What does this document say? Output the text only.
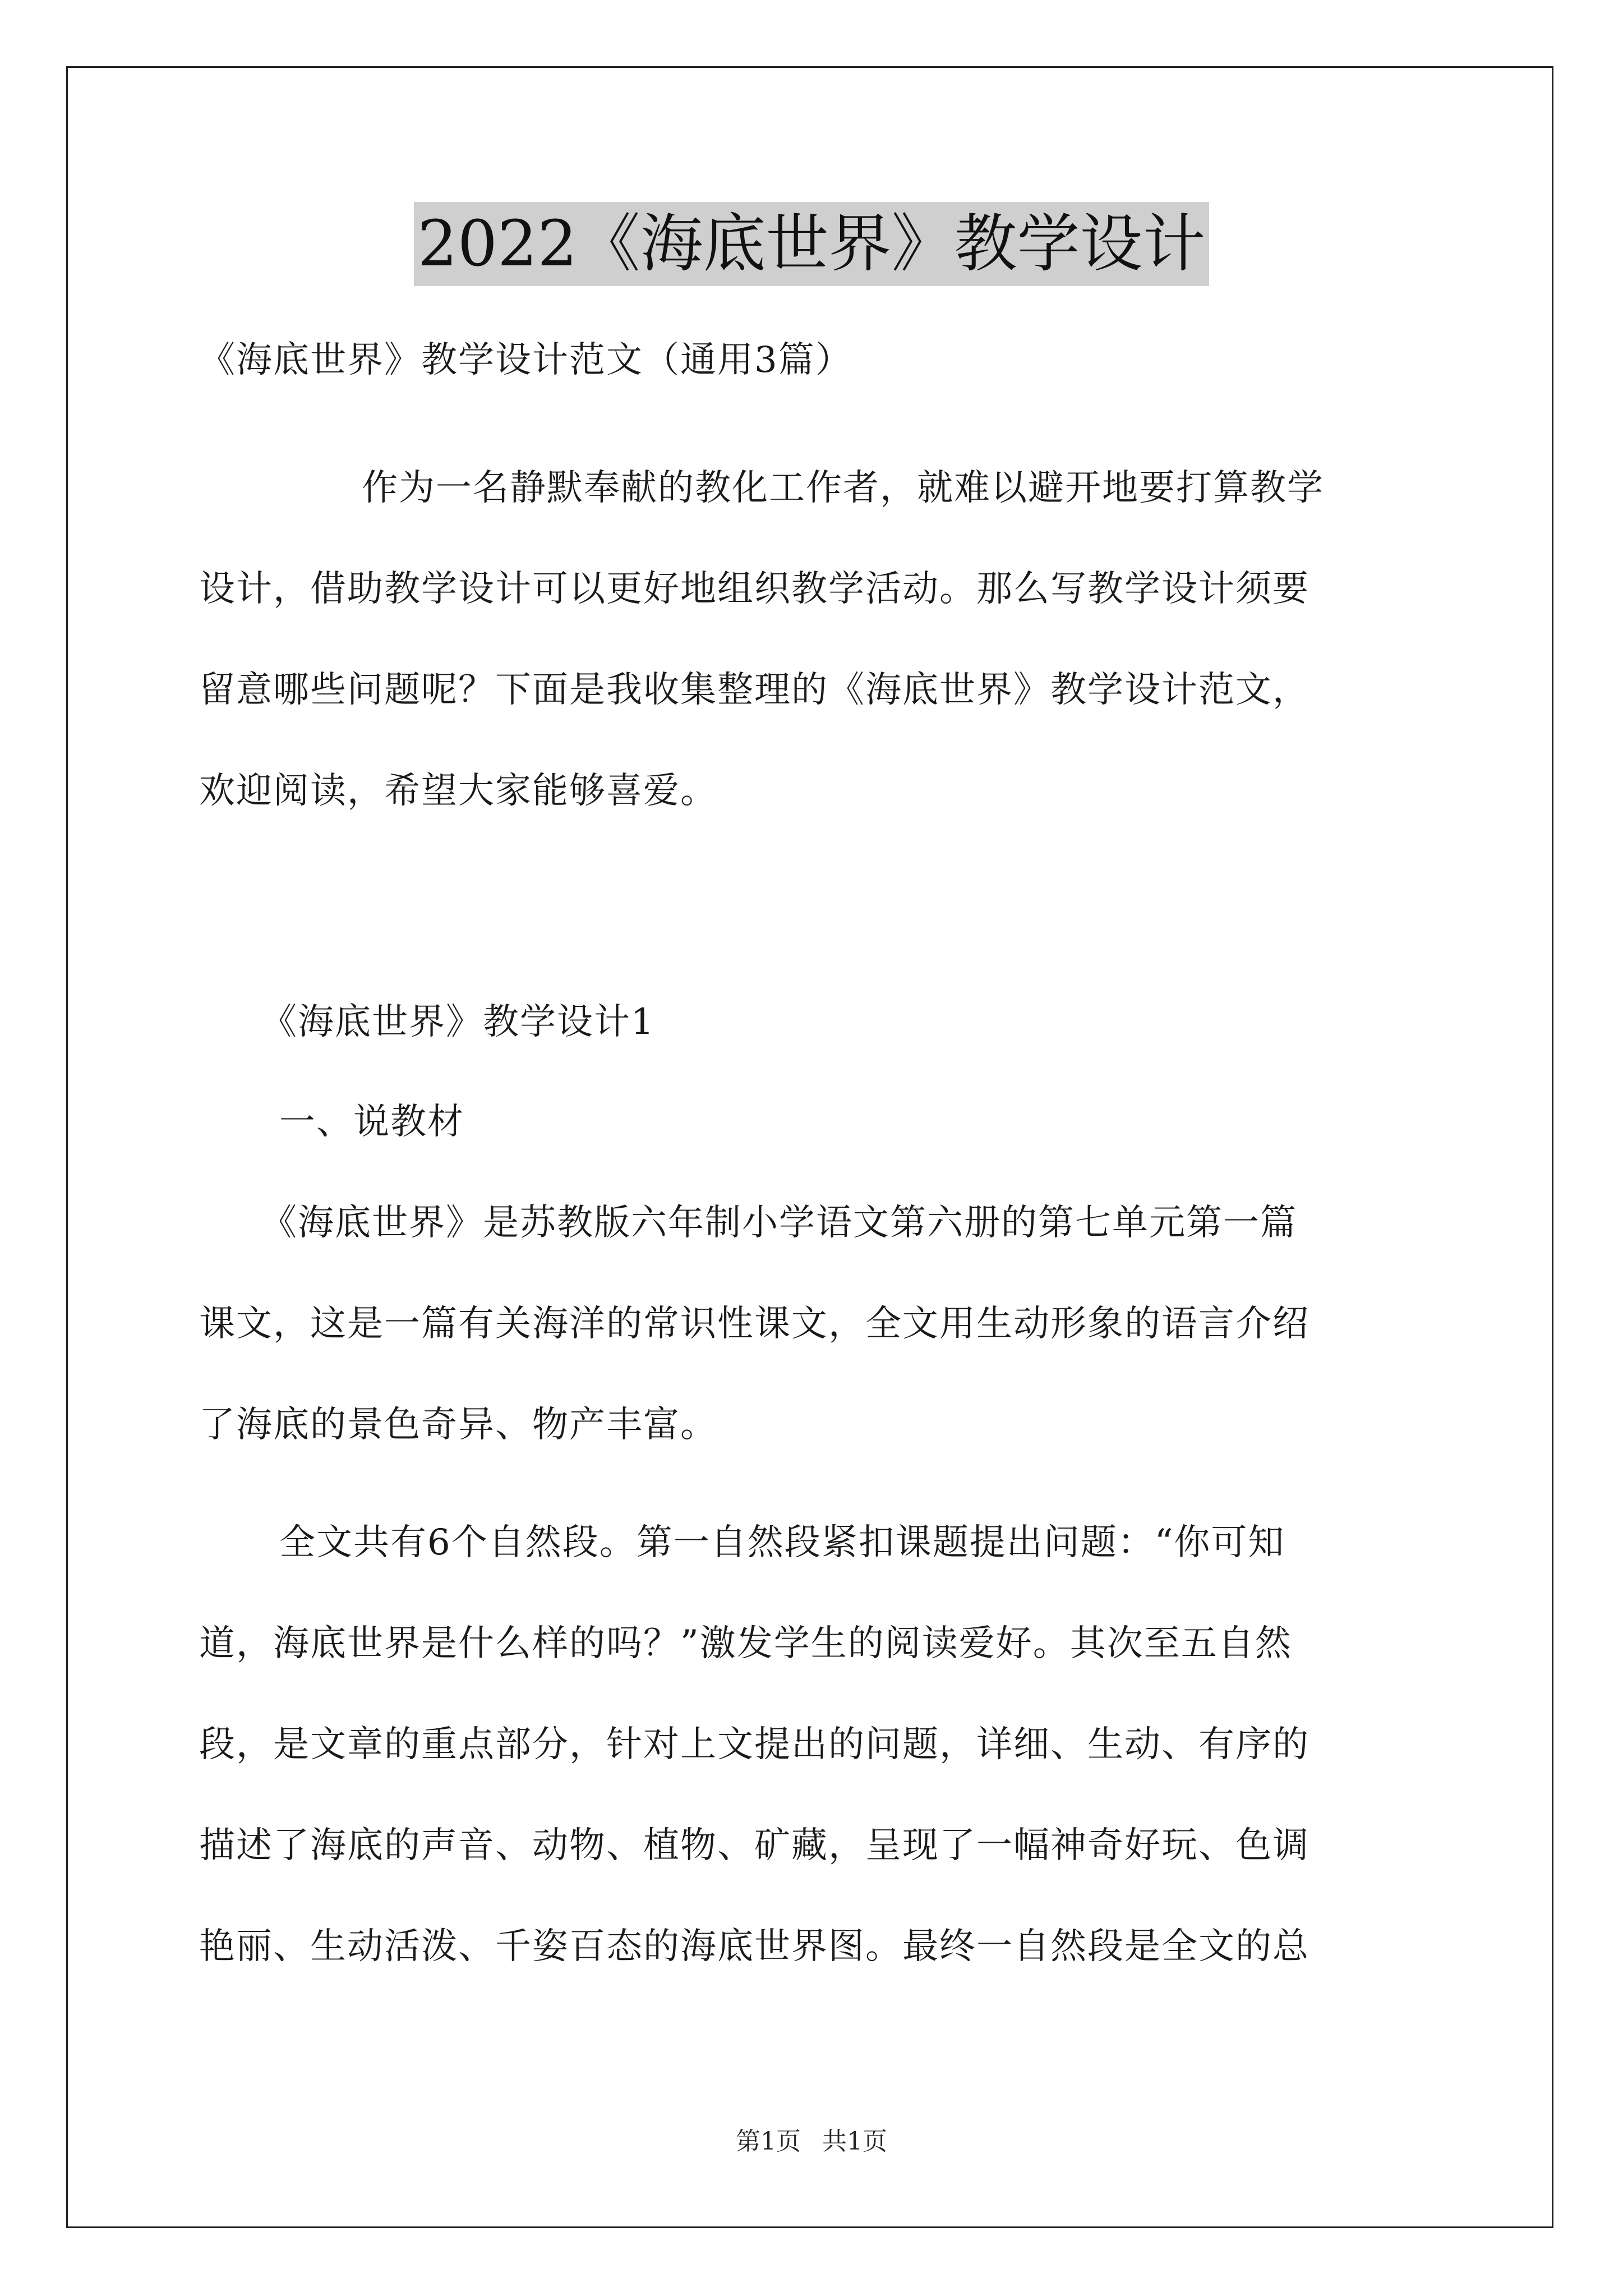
2022《海底世界》教学设计
《海底世界》教学设计范文（通用3篇）
作为一名静默奉献的教化工作者，就难以避开地要打算教学
设计，借助教学设计可以更好地组织教学活动。那么写教学设计须要
留意哪些问题呢？下面是我收集整理的《海底世界》教学设计范文，
欢迎阅读，希望大家能够喜爱。
《海底世界》教学设计1
一、说教材
《海底世界》是苏教版六年制小学语文第六册的第七单元第一篇
课文，这是一篇有关海洋的常识性课文，全文用生动形象的语言介绍
了海底的景色奇异、物产丰富。
全文共有6个自然段。第一自然段紧扣课题提出问题：“你可知
道，海底世界是什么样的吗？”激发学生的阅读爱好。其次至五自然
段，是文章的重点部分，针对上文提出的问题，详细、生动、有序的
描述了海底的声音、动物、植物、矿藏，呈现了一幅神奇好玩、色调
艳丽、生动活泼、千姿百态的海底世界图。最终一自然段是全文的总
第1页 共1页
